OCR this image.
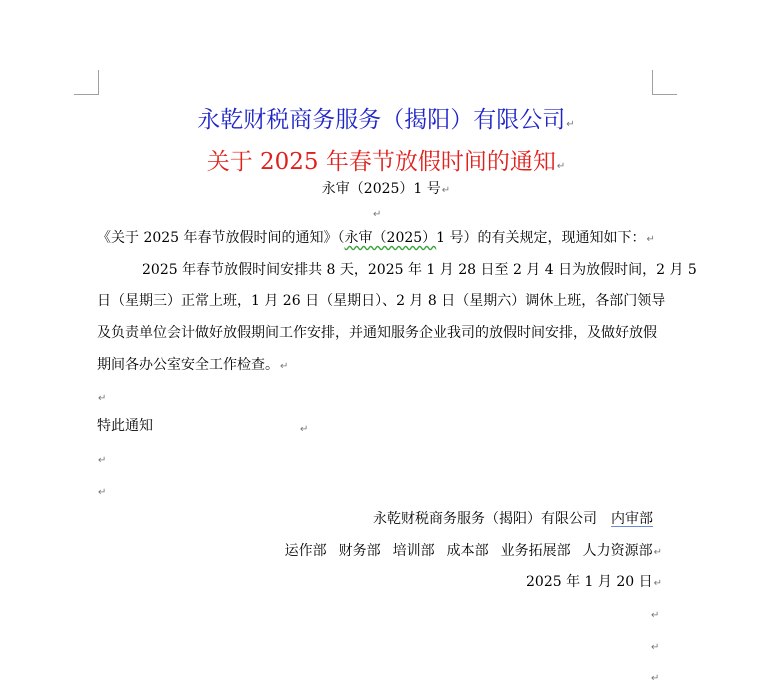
永乾财税商务服务（揭阳）有限公司↵
关于 2025 年春节放假时间的通知↵
永审（2025）1 号↵
↵
《关于 2025 年春节放假时间的通知》（永审（2025）1 号）的有关规定，现通知如下：↵
2025 年春节放假时间安排共 8 天，2025 年 1 月 28 日至 2 月 4 日为放假时间，2 月 5
日（星期三）正常上班，1 月 26 日（星期日）、2 月 8 日（星期六）调休上班，各部门领导
及负责单位会计做好放假期间工作安排，并通知服务企业我司的放假时间安排，及做好放假
期间各办公室安全工作检查。↵
↵
特此通知	↵
↵
↵
永乾财税商务服务（揭阳）有限公司 内审部
运作部 财务部 培训部 成本部 业务拓展部 人力资源部↵
2025 年 1 月 20 日↵
↵
↵
↵
